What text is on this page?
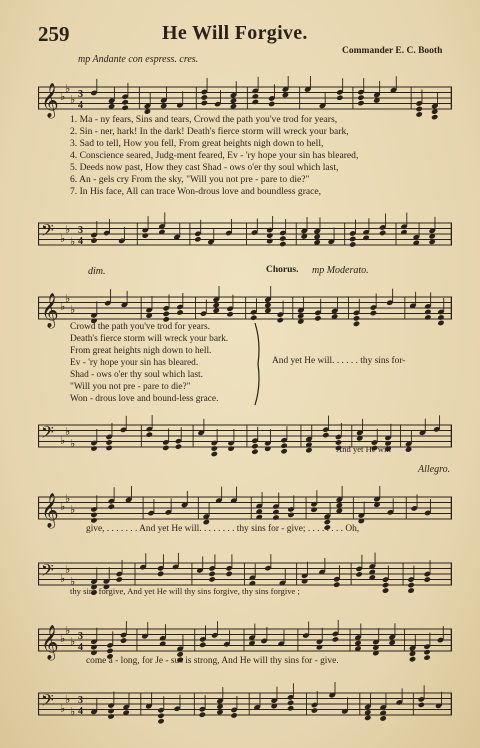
259	He Will Forgive.
Commander E. C. Booth
mp Andante con espress. cres.
𝄞 ♭
♭
♭ 3
4
1. Ma - ny fears, Sins and tears, Crowd the path you've trod for years,
2. Sin - ner, hark! In the dark! Death's fierce storm will wreck your bark,
3. Sad to tell, How you fell, From great heights nigh down to hell,
4. Conscience seared, Judg-ment feared, Ev - 'ry hope your sin has bleared,
5. Deeds now past, How they cast Shad - ows o'er thy soul which last,
6. An - gels cry From the sky, "Will you not pre - pare to die?"
7. In His face, All can trace Won-drous love and boundless grace,
𝄢 ♭
♭
♭
3
4
dim.	Chorus. mp Moderato.
𝄞 ♭
♭
♭
Crowd the path you've trod for years.
Death's fierce storm will wreck your bark.
From great heights nigh down to hell.
Ev - 'ry hope your sin has bleared.
Shad - ows o'er thy soul which last.
"Will you not pre - pare to die?"
Won - drous love and bound-less grace.
And yet He will. . . . . . thy sins for-
𝄢 ♭
♭
♭	And yet He will
Allegro.
𝄞 ♭
♭
♭
give, . . . . . . . And yet He will. . . . . . . . thy sins for - give; . . . . . . . . Oh,
𝄢 ♭
♭
♭
thy sins forgive, And yet He will thy sins forgive, thy sins forgive ;
𝄞 ♭
♭
♭ 3
4
come a - long, for Je - sus is strong, And He will thy sins for - give.
𝄢 ♭
♭
♭
3
4
